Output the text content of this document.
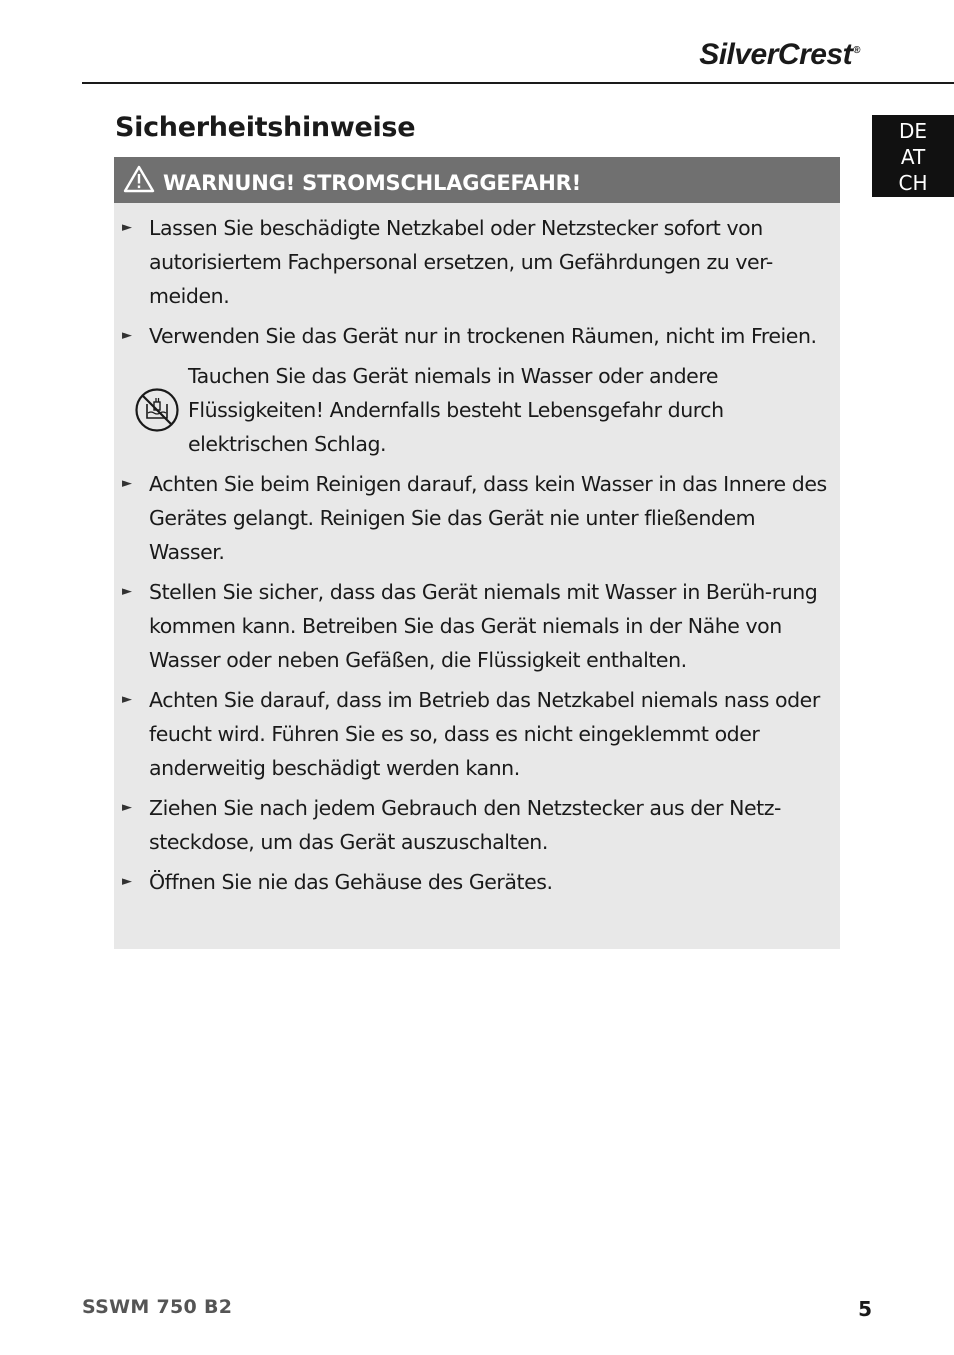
SilverCrest®
DE
AT
CH
Sicherheitshinweise
WARNUNG! STROMSCHLAGGEFAHR!
► Lassen Sie beschädigte Netzkabel oder Netzstecker sofort von autorisiertem Fachpersonal ersetzen, um Gefährdungen zu ver-meiden.
► Verwenden Sie das Gerät nur in trockenen Räumen, nicht im Freien.
Tauchen Sie das Gerät niemals in Wasser oder andere Flüssigkeiten! Andernfalls besteht Lebensgefahr durch elektrischen Schlag.
► Achten Sie beim Reinigen darauf, dass kein Wasser in das Innere des Gerätes gelangt. Reinigen Sie das Gerät nie unter fließendem Wasser.
► Stellen Sie sicher, dass das Gerät niemals mit Wasser in Berüh-rung kommen kann. Betreiben Sie das Gerät niemals in der Nähe von Wasser oder neben Gefäßen, die Flüssigkeit enthalten.
► Achten Sie darauf, dass im Betrieb das Netzkabel niemals nass oder feucht wird. Führen Sie es so, dass es nicht eingeklemmt oder anderweitig beschädigt werden kann.
► Ziehen Sie nach jedem Gebrauch den Netzstecker aus der Netz-steckdose, um das Gerät auszuschalten.
► Öffnen Sie nie das Gehäuse des Gerätes.
SSWM 750 B2	5
